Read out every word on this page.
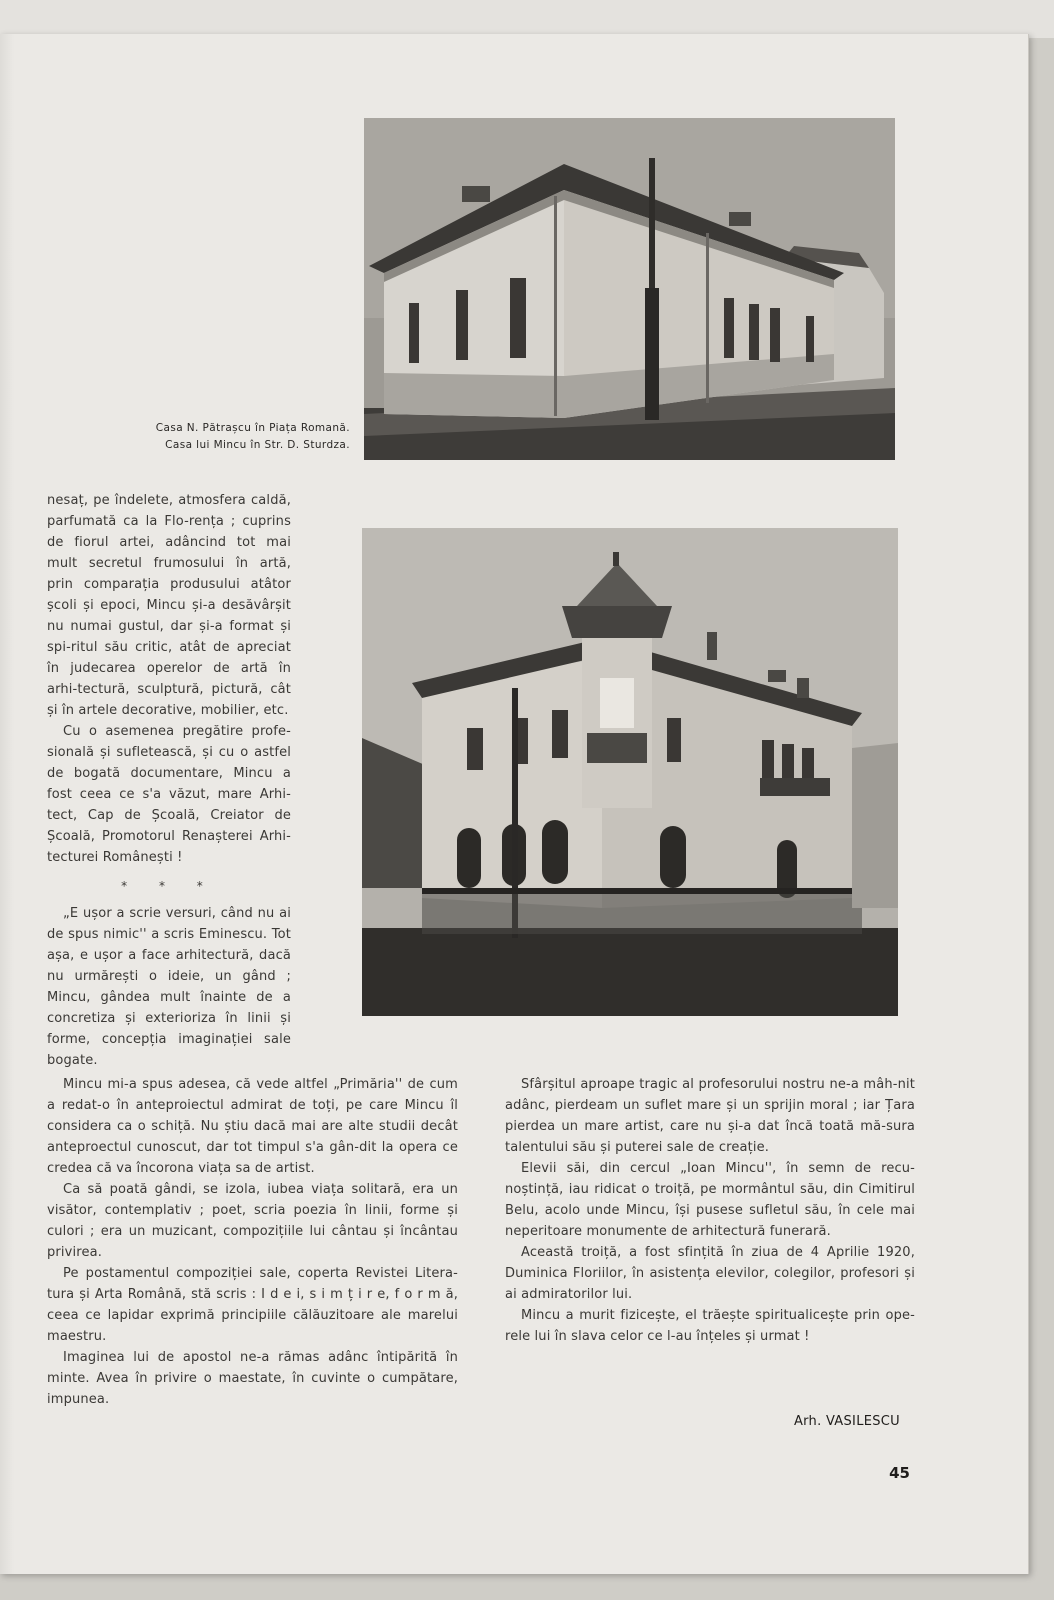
Casa N. Pătrașcu în Piața Romană.
Casa lui Mincu în Str. D. Sturdza.

nesaț, pe îndelete, atmosfera caldă, parfumată ca la Flo-rența ; cuprins de fiorul artei, adâncind tot mai mult secretul frumosului în artă, prin comparația produsului atâtor școli și epoci, Mincu și-a desăvârșit nu numai gustul, dar și-a format și spi-ritul său critic, atât de apreciat în judecarea operelor de artă în arhi-tectură, sculptură, pictură, cât și în artele decorative, mobilier, etc.

Cu o asemenea pregătire profe-sională și sufletească, și cu o astfel de bogată documentare, Mincu a fost ceea ce s'a văzut, mare Arhi-tect, Cap de Școală, Creiator de Școală, Promotorul Renașterei Arhi-tecturei Românești !

* * *

„E ușor a scrie versuri, când nu ai de spus nimic'' a scris Eminescu. Tot așa, e ușor a face arhitectură, dacă nu urmărești o ideie, un gând ; Mincu, gândea mult înainte de a concretiza și exterioriza în linii și forme, concepția imaginației sale bogate.

Mincu mi-a spus adesea, că vede altfel „Primăria'' de cum a redat-o în anteproiectul admirat de toți, pe care Mincu îl considera ca o schiță. Nu știu dacă mai are alte studii decât anteproectul cunoscut, dar tot timpul s'a gân-dit la opera ce credea că va încorona viața sa de artist.

Ca să poată gândi, se izola, iubea viața solitară, era un visător, contemplativ ; poet, scria poezia în linii, forme și culori ; era un muzicant, compozițiile lui cântau și încântau privirea.

Pe postamentul compoziției sale, coperta Revistei Litera-tura și Arta Română, stă scris : I d e i, s i m ț i r e, f o r m ă, ceea ce lapidar exprimă principiile călăuzitoare ale marelui maestru.

Imaginea lui de apostol ne-a rămas adânc întipărită în minte. Avea în privire o maestate, în cuvinte o cumpătare, impunea.

Sfârșitul aproape tragic al profesorului nostru ne-a mâh-nit adânc, pierdeam un suflet mare și un sprijin moral ; iar Țara pierdea un mare artist, care nu și-a dat încă toată mă-sura talentului său și puterei sale de creație.

Elevii săi, din cercul „Ioan Mincu'', în semn de recu-noștință, iau ridicat o troiță, pe mormântul său, din Cimitirul Belu, acolo unde Mincu, își pusese sufletul său, în cele mai neperitoare monumente de arhitectură funerară.

Această troiță, a fost sfințită în ziua de 4 Aprilie 1920, Duminica Floriilor, în asistența elevilor, colegilor, profesori și ai admiratorilor lui.

Mincu a murit fizicește, el trăește spiritualicește prin ope-rele lui în slava celor ce l-au înțeles și urmat !

Arh. VASILESCU
45
